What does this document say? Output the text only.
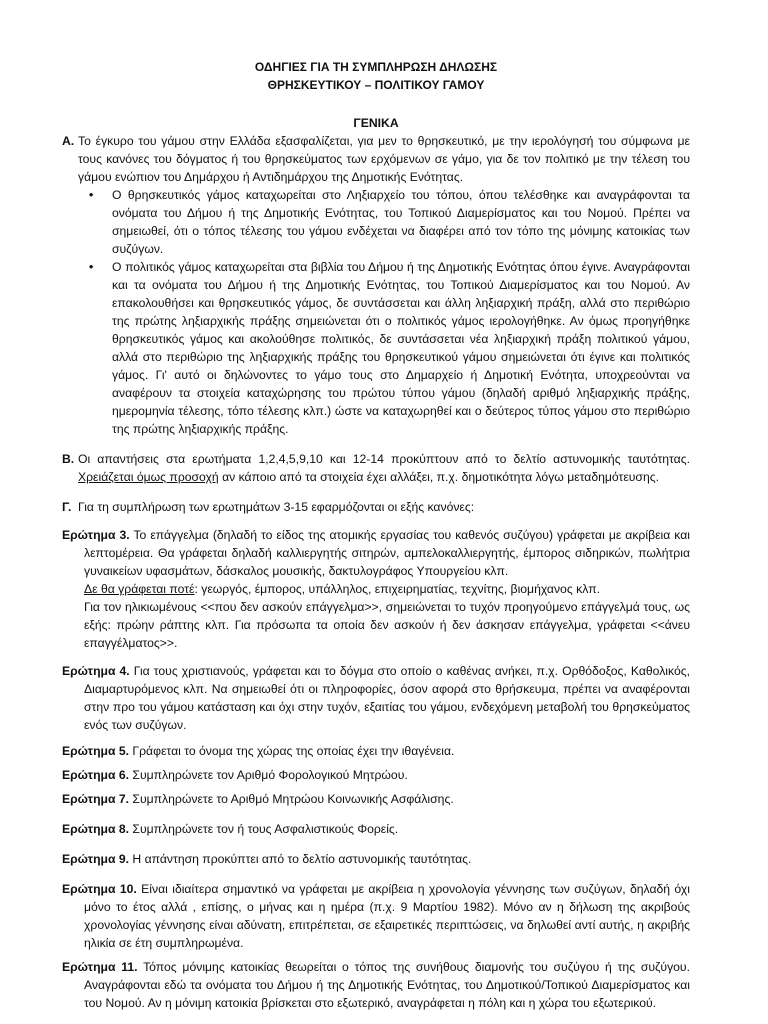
ΟΔΗΓΙΕΣ ΓΙΑ ΤΗ ΣΥΜΠΛΗΡΩΣΗ ΔΗΛΩΣΗΣ
ΘΡΗΣΚΕΥΤΙΚΟΥ – ΠΟΛΙΤΙΚΟΥ ΓΑΜΟΥ
ΓΕΝΙΚΑ
Α. Το έγκυρο του γάμου στην Ελλάδα εξασφαλίζεται, για μεν το θρησκευτικό, με την ιερολόγησή του σύμφωνα με τους κανόνες του δόγματος ή του θρησκεύματος των ερχόμενων σε γάμο, για δε τον πολιτικό με την τέλεση του γάμου ενώπιον του Δημάρχου ή Αντιδημάρχου της Δημοτικής Ενότητας.
• Ο θρησκευτικός γάμος καταχωρείται στο Ληξιαρχείο του τόπου, όπου τελέσθηκε και αναγράφονται τα ονόματα του Δήμου ή της Δημοτικής Ενότητας, του Τοπικού Διαμερίσματος και του Νομού. Πρέπει να σημειωθεί, ότι ο τόπος τέλεσης του γάμου ενδέχεται να διαφέρει από τον τόπο της μόνιμης κατοικίας των συζύγων.
• Ο πολιτικός γάμος καταχωρείται στα βιβλία του Δήμου ή της Δημοτικής Ενότητας όπου έγινε. Αναγράφονται και τα ονόματα του Δήμου ή της Δημοτικής Ενότητας, του Τοπικού Διαμερίσματος και του Νομού. Αν επακολουθήσει και θρησκευτικός γάμος, δε συντάσσεται και άλλη ληξιαρχική πράξη, αλλά στο περιθώριο της πρώτης ληξιαρχικής πράξης σημειώνεται ότι ο πολιτικός γάμος ιερολογήθηκε. Αν όμως προηγήθηκε θρησκευτικός γάμος και ακολούθησε πολιτικός, δε συντάσσεται νέα ληξιαρχική πράξη πολιτικού γάμου, αλλά στο περιθώριο της ληξιαρχικής πράξης του θρησκευτικού γάμου σημειώνεται ότι έγινε και πολιτικός γάμος. Γι' αυτό οι δηλώνοντες το γάμο τους στο Δημαρχείο ή Δημοτική Ενότητα, υποχρεούνται να αναφέρουν τα στοιχεία καταχώρησης του πρώτου τύπου γάμου (δηλαδή αριθμό ληξιαρχικής πράξης, ημερομηνία τέλεσης, τόπο τέλεσης κλπ.) ώστε να καταχωρηθεί και ο δεύτερος τύπος γάμου στο περιθώριο της πρώτης ληξιαρχικής πράξης.
Β. Οι απαντήσεις στα ερωτήματα 1,2,4,5,9,10 και 12-14 προκύπτουν από το δελτίο αστυνομικής ταυτότητας. Χρειάζεται όμως προσοχή αν κάποιο από τα στοιχεία έχει αλλάξει, π.χ. δημοτικότητα λόγω μεταδημότευσης.
Γ. Για τη συμπλήρωση των ερωτημάτων 3-15 εφαρμόζονται οι εξής κανόνες:
Ερώτημα 3. Το επάγγελμα (δηλαδή το είδος της ατομικής εργασίας του καθενός συζύγου) γράφεται με ακρίβεια και λεπτομέρεια. Θα γράφεται δηλαδή καλλιεργητής σιτηρών, αμπελοκαλλιεργητής, έμπορος σιδηρικών, πωλήτρια γυναικείων υφασμάτων, δάσκαλος μουσικής, δακτυλογράφος Υπουργείου κλπ.
Δε θα γράφεται ποτέ: γεωργός, έμπορος, υπάλληλος, επιχειρηματίας, τεχνίτης, βιομήχανος κλπ.
Για τον ηλικιωμένους <<που δεν ασκούν επάγγελμα>>, σημειώνεται το τυχόν προηγούμενο επάγγελμά τους, ως εξής: πρώην ράπτης κλπ. Για πρόσωπα τα οποία δεν ασκούν ή δεν άσκησαν επάγγελμα, γράφεται <<άνευ επαγγέλματος>>.
Ερώτημα 4. Για τους χριστιανούς, γράφεται και το δόγμα στο οποίο ο καθένας ανήκει, π.χ. Ορθόδοξος, Καθολικός, Διαμαρτυρόμενος κλπ. Να σημειωθεί ότι οι πληροφορίες, όσον αφορά στο θρήσκευμα, πρέπει να αναφέρονται στην προ του γάμου κατάσταση και όχι στην τυχόν, εξαιτίας του γάμου, ενδεχόμενη μεταβολή του θρησκεύματος ενός των συζύγων.
Ερώτημα 5. Γράφεται το όνομα της χώρας της οποίας έχει την ιθαγένεια.
Ερώτημα 6. Συμπληρώνετε τον Αριθμό Φορολογικού Μητρώου.
Ερώτημα 7. Συμπληρώνετε το Αριθμό Μητρώου Κοινωνικής Ασφάλισης.
Ερώτημα 8. Συμπληρώνετε τον ή τους Ασφαλιστικούς Φορείς.
Ερώτημα 9. Η απάντηση προκύπτει από το δελτίο αστυνομικής ταυτότητας.
Ερώτημα 10. Είναι ιδιαίτερα σημαντικό να γράφεται με ακρίβεια η χρονολογία γέννησης των συζύγων, δηλαδή όχι μόνο το έτος αλλά , επίσης, ο μήνας και η ημέρα (π.χ. 9 Μαρτίου 1982). Μόνο αν η δήλωση της ακριβούς χρονολογίας γέννησης είναι αδύνατη, επιτρέπεται, σε εξαιρετικές περιπτώσεις, να δηλωθεί αντί αυτής, η ακριβής ηλικία σε έτη συμπληρωμένα.
Ερώτημα 11. Τόπος μόνιμης κατοικίας θεωρείται ο τόπος της συνήθους διαμονής του συζύγου ή της συζύγου. Αναγράφονται εδώ τα ονόματα του Δήμου ή της Δημοτικής Ενότητας, του Δημοτικού/Τοπικού Διαμερίσματος και του Νομού. Αν η μόνιμη κατοικία βρίσκεται στο εξωτερικό, αναγράφεται η πόλη και η χώρα του εξωτερικού.
